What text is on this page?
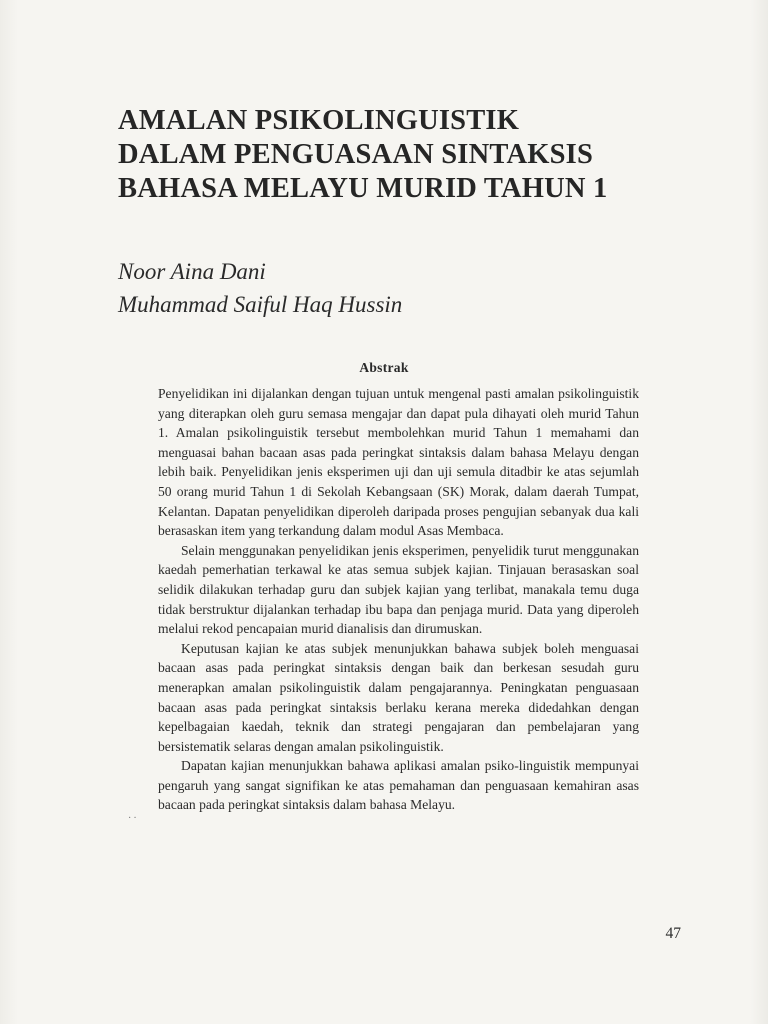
AMALAN PSIKOLINGUISTIK
DALAM PENGUASAAN SINTAKSIS
BAHASA MELAYU MURID TAHUN 1
Noor Aina Dani
Muhammad Saiful Haq Hussin
Abstrak

Penyelidikan ini dijalankan dengan tujuan untuk mengenal pasti amalan psikolinguistik yang diterapkan oleh guru semasa mengajar dan dapat pula dihayati oleh murid Tahun 1. Amalan psikolinguistik tersebut membolehkan murid Tahun 1 memahami dan menguasai bahan bacaan asas pada peringkat sintaksis dalam bahasa Melayu dengan lebih baik. Penyelidikan jenis eksperimen uji dan uji semula ditadbir ke atas sejumlah 50 orang murid Tahun 1 di Sekolah Kebangsaan (SK) Morak, dalam daerah Tumpat, Kelantan. Dapatan penyelidikan diperoleh daripada proses pengujian sebanyak dua kali berasaskan item yang terkandung dalam modul Asas Membaca.

Selain menggunakan penyelidikan jenis eksperimen, penyelidik turut menggunakan kaedah pemerhatian terkawal ke atas semua subjek kajian. Tinjauan berasaskan soal selidik dilakukan terhadap guru dan subjek kajian yang terlibat, manakala temu duga tidak berstruktur dijalankan terhadap ibu bapa dan penjaga murid. Data yang diperoleh melalui rekod pencapaian murid dianalisis dan dirumuskan.

Keputusan kajian ke atas subjek menunjukkan bahawa subjek boleh menguasai bacaan asas pada peringkat sintaksis dengan baik dan berkesan sesudah guru menerapkan amalan psikolinguistik dalam pengajarannya. Peningkatan penguasaan bacaan asas pada peringkat sintaksis berlaku kerana mereka didedahkan dengan kepelbagaian kaedah, teknik dan strategi pengajaran dan pembelajaran yang bersistematik selaras dengan amalan psikolinguistik.

Dapatan kajian menunjukkan bahawa aplikasi amalan psiko-linguistik mempunyai pengaruh yang sangat signifikan ke atas pemahaman dan penguasaan kemahiran asas bacaan pada peringkat sintaksis dalam bahasa Melayu.

··
47
